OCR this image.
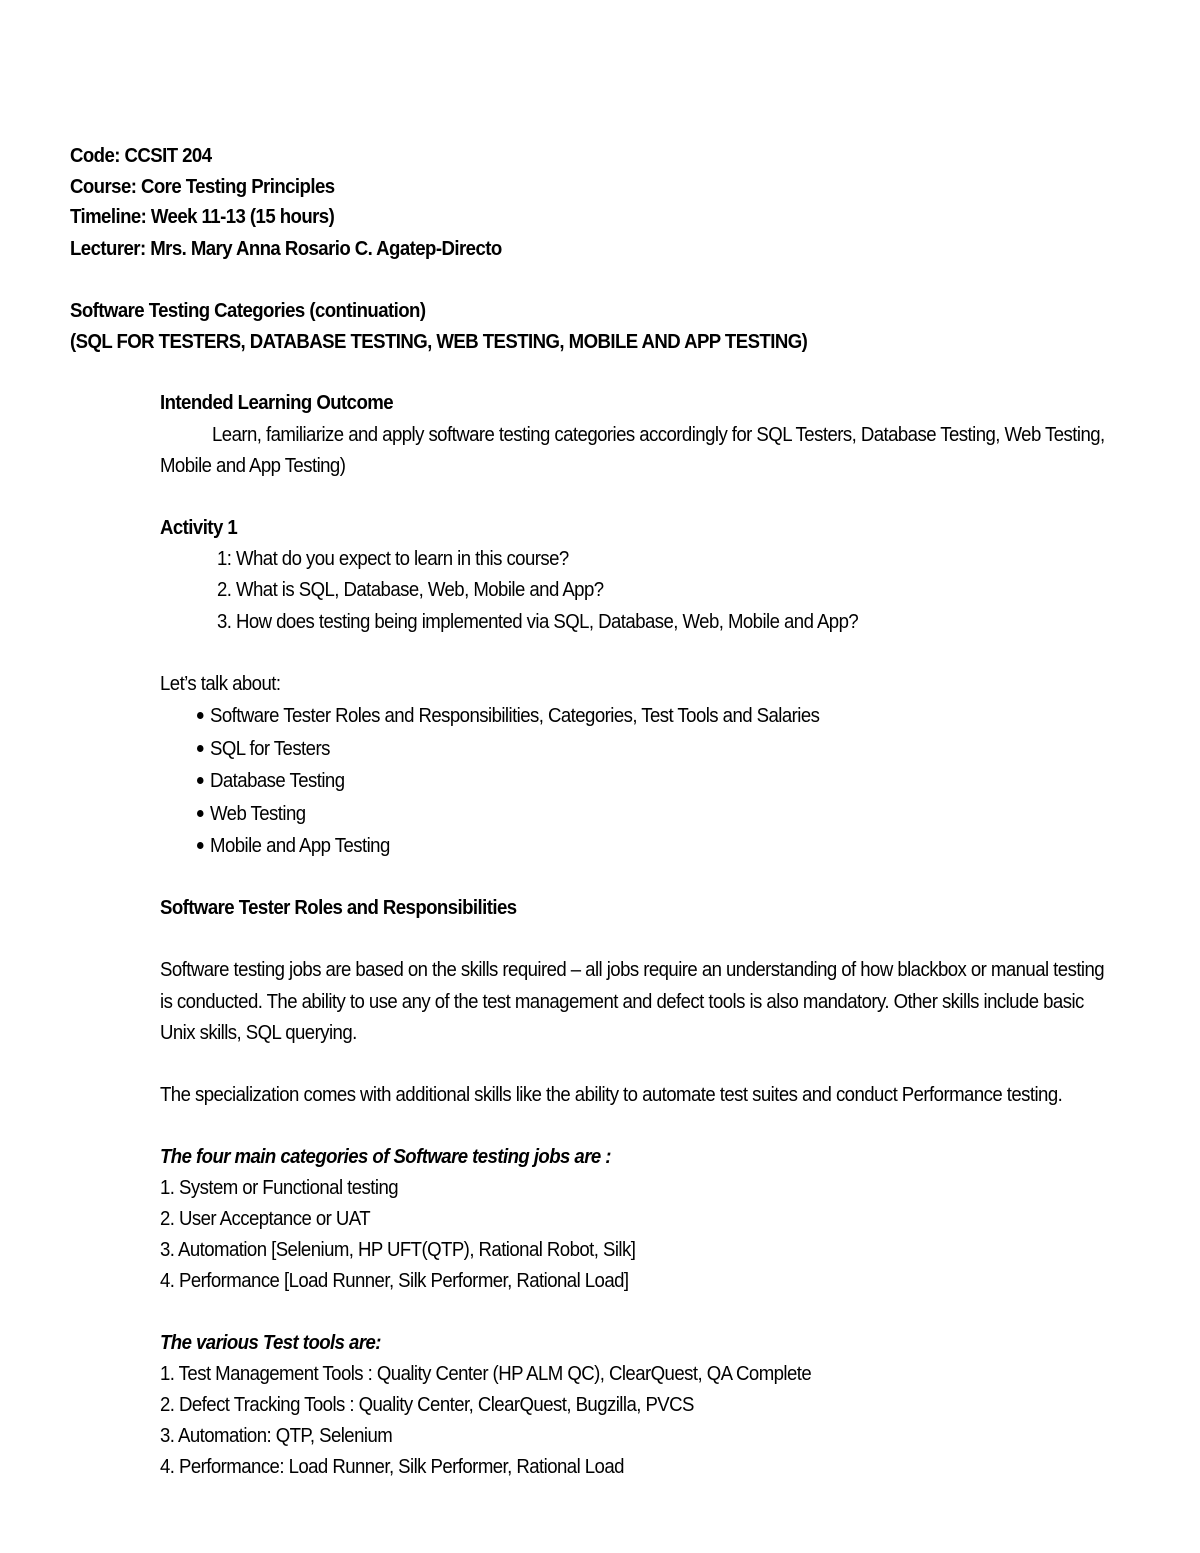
Code: CCSIT 204
Course: Core Testing Principles
Timeline: Week 11-13 (15 hours)
Lecturer: Mrs. Mary Anna Rosario C. Agatep-Directo
Software Testing Categories (continuation)
(SQL FOR TESTERS, DATABASE TESTING, WEB TESTING, MOBILE AND APP TESTING)
Intended Learning Outcome
Learn, familiarize and apply software testing categories accordingly for SQL Testers, Database Testing, Web Testing,
Mobile and App Testing)
Activity 1
1: What do you expect to learn in this course?
2. What is SQL, Database, Web, Mobile and App?
3. How does testing being implemented via SQL, Database, Web, Mobile and App?
Let’s talk about:
Software Tester Roles and Responsibilities, Categories, Test Tools and Salaries
SQL for Testers
Database Testing
Web Testing
Mobile and App Testing
Software Tester Roles and Responsibilities
Software testing jobs are based on the skills required – all jobs require an understanding of how blackbox or manual testing
is conducted. The ability to use any of the test management and defect tools is also mandatory. Other skills include basic
Unix skills, SQL querying.
The specialization comes with additional skills like the ability to automate test suites and conduct Performance testing.
The four main categories of Software testing jobs are :
1. System or Functional testing
2. User Acceptance or UAT
3. Automation [Selenium, HP UFT(QTP), Rational Robot, Silk]
4. Performance [Load Runner, Silk Performer, Rational Load]
The various Test tools are:
1. Test Management Tools : Quality Center (HP ALM QC), ClearQuest, QA Complete
2. Defect Tracking Tools : Quality Center, ClearQuest, Bugzilla, PVCS
3. Automation: QTP, Selenium
4. Performance: Load Runner, Silk Performer, Rational Load
